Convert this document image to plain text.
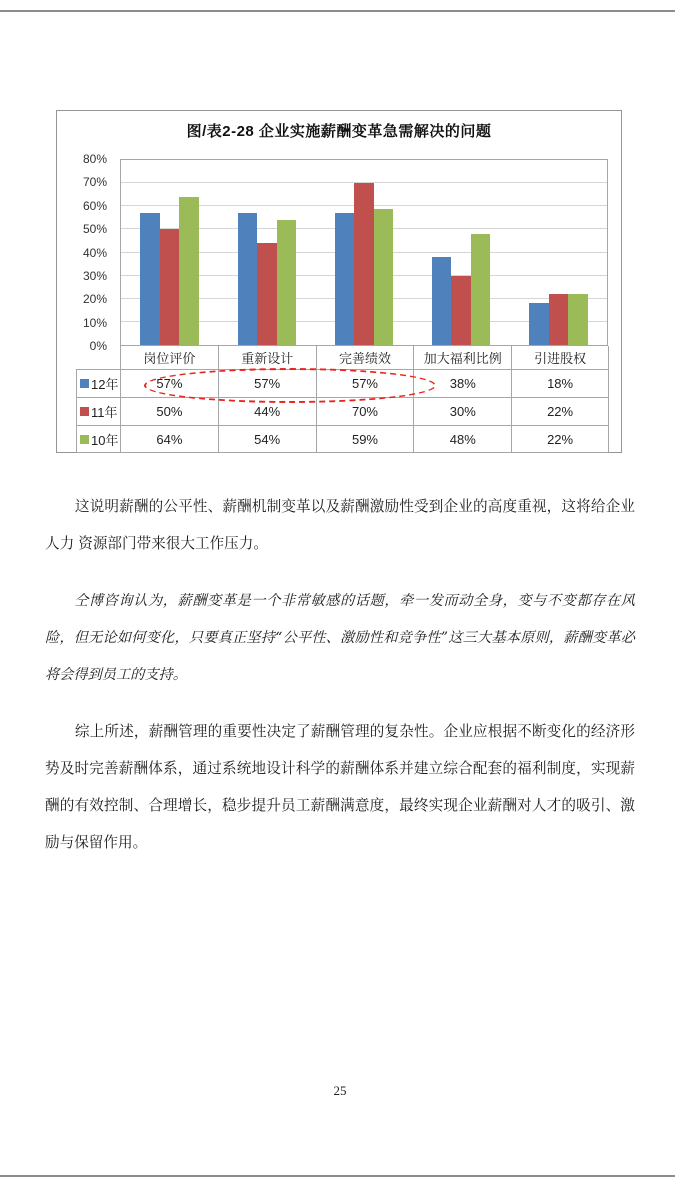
图/表2-28 企业实施薪酬变革急需解决的问题
80%
70%
60%
50%
40%
30%
20%
10%
0%
岗位评价	重新设计	完善绩效	加大福利比例	引进股权
12年	57%	57%	57%	38%	18%
11年	50%	44%	70%	30%	22%
10年	64%	54%	59%	48%	22%

这说明薪酬的公平性、薪酬机制变革以及薪酬激励性受到企业的高度重视，这将给企业人力 资源部门带来很大工作压力。

仝博咨询认为，薪酬变革是一个非常敏感的话题，牵一发而动全身，变与不变都存在风险，但无论如何变化，只要真正坚持“公平性、激励性和竞争性”这三大基本原则，薪酬变革必将会得到员工的支持。

综上所述，薪酬管理的重要性决定了薪酬管理的复杂性。企业应根据不断变化的经济形势及时完善薪酬体系，通过系统地设计科学的薪酬体系并建立综合配套的福利制度，实现薪酬的有效控制、合理增长，稳步提升员工薪酬满意度，最终实现企业薪酬对人才的吸引、激励与保留作用。

25
